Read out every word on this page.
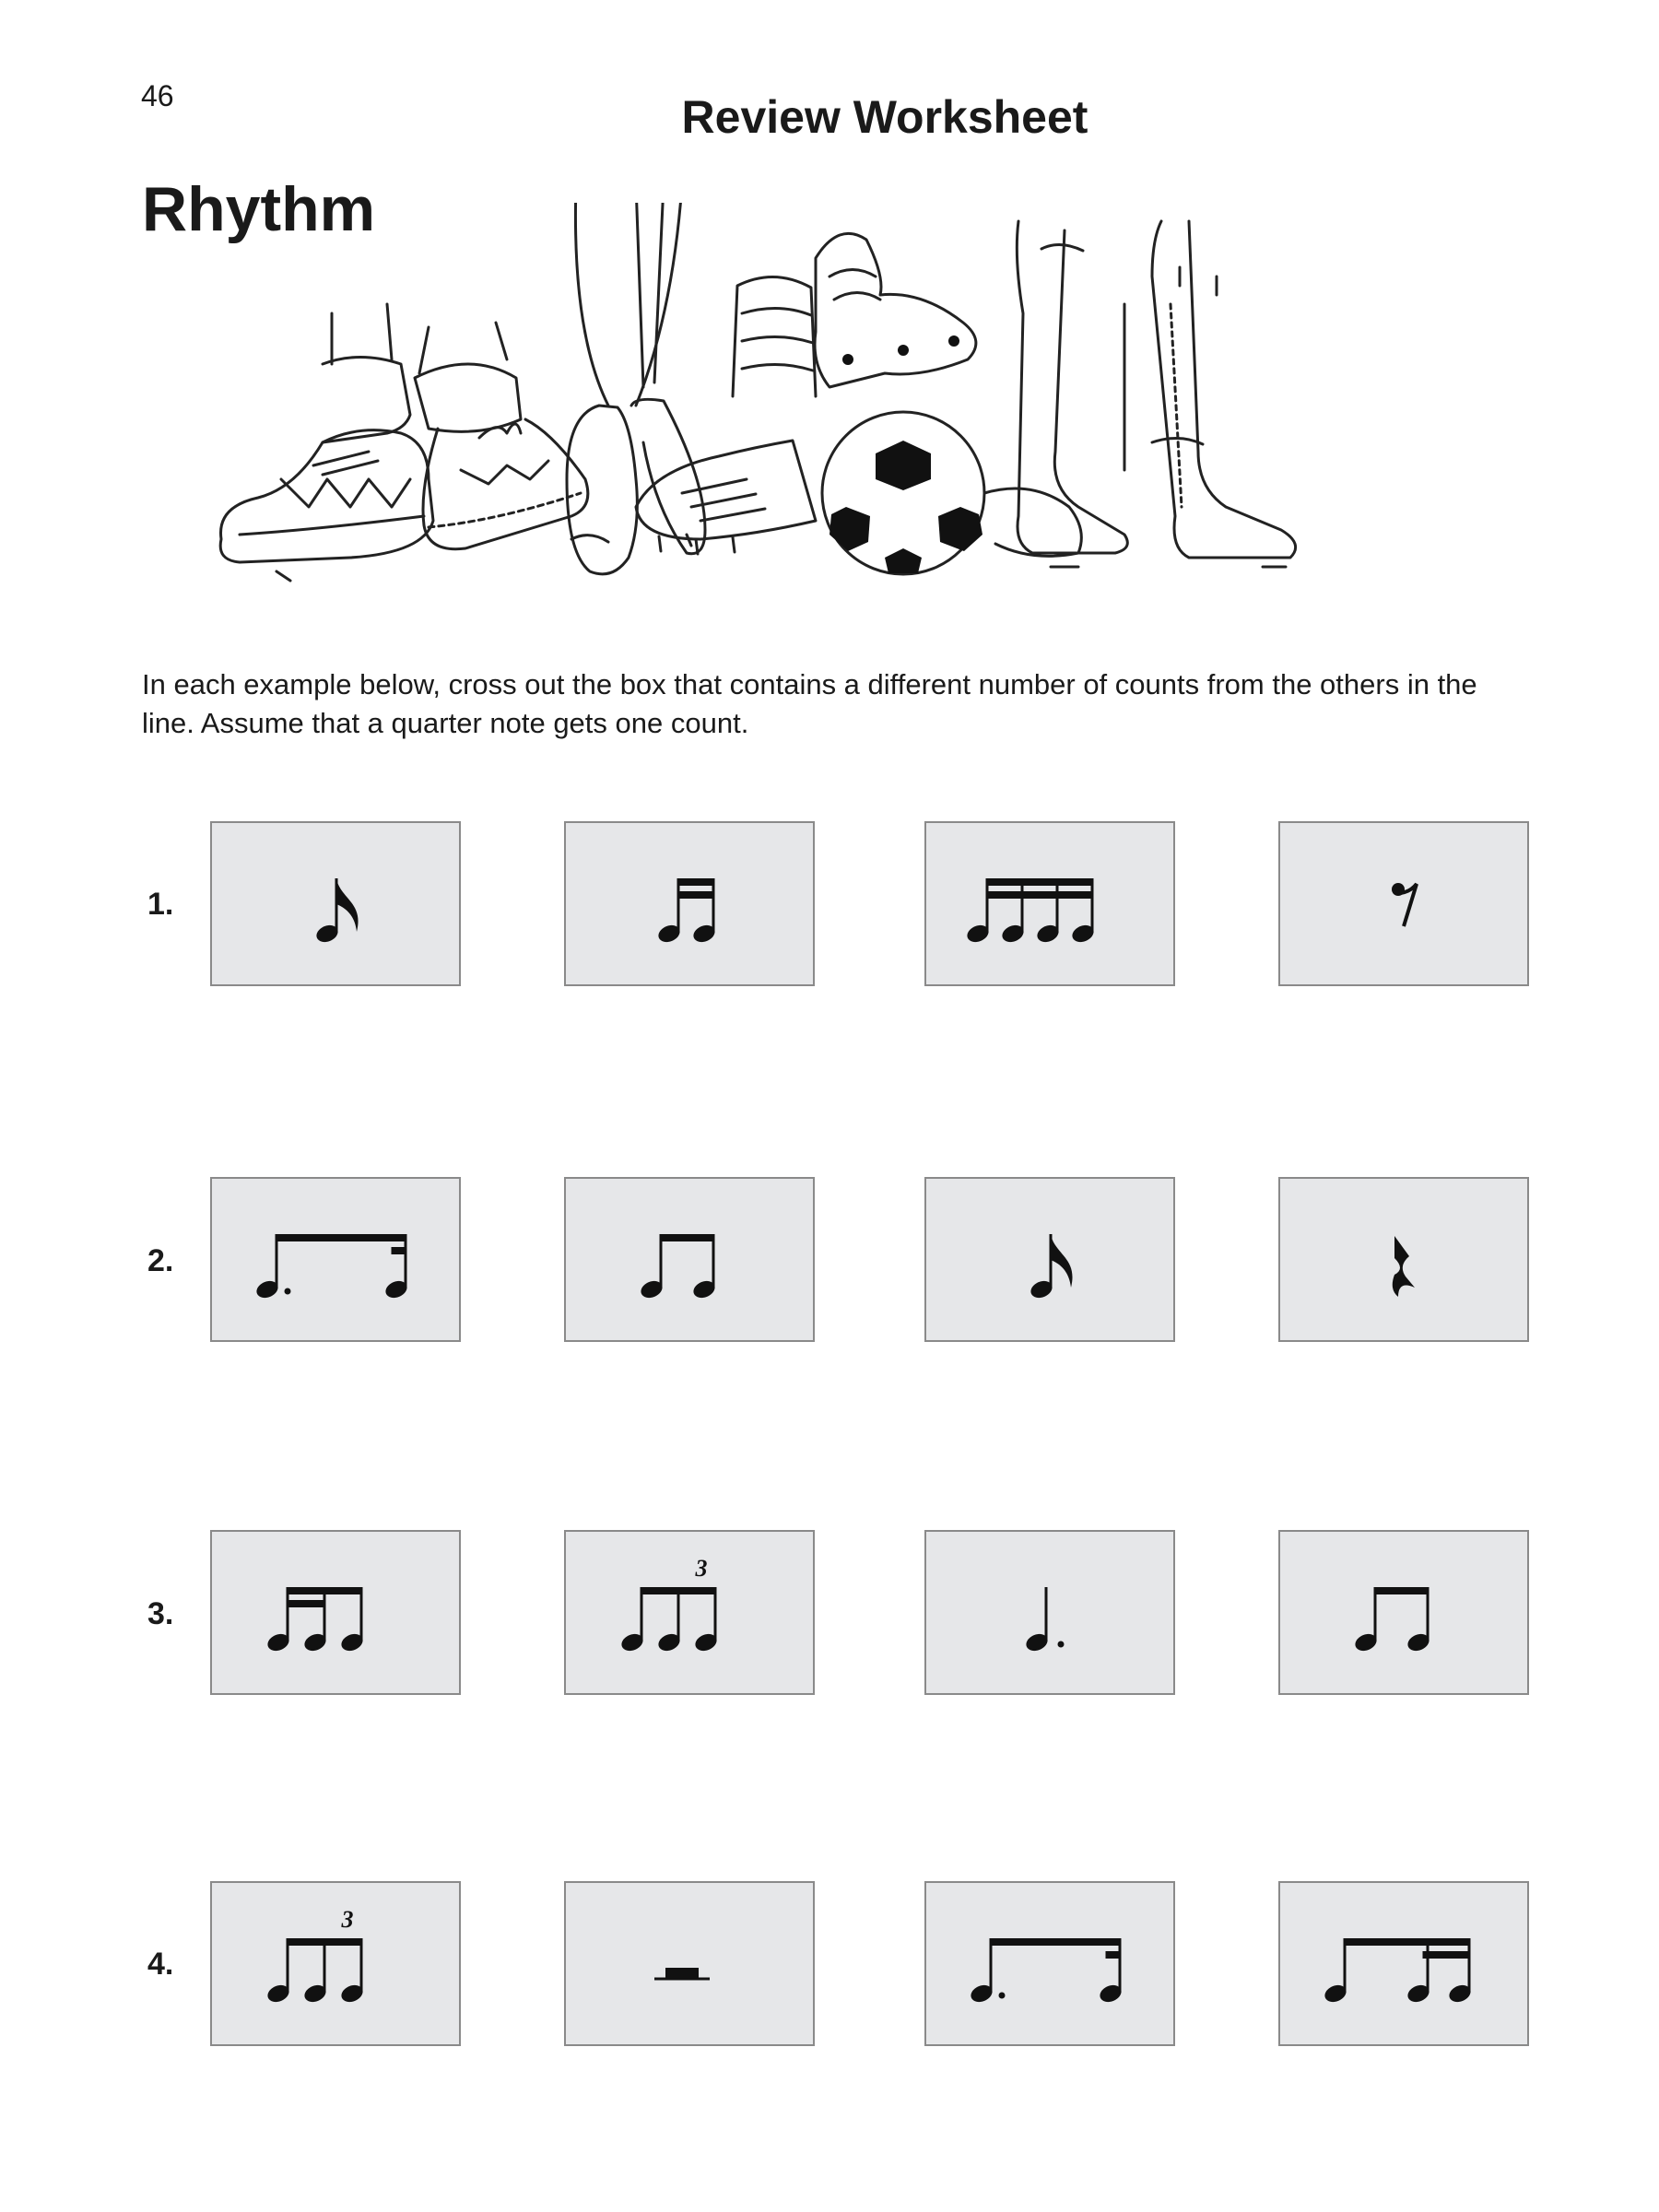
46	Review Worksheet
Rhythm
In each example below, cross out the box that contains a different number of counts from the others in the line. Assume that a quarter note gets one count.
1.
2.
3.
4.
3
3
